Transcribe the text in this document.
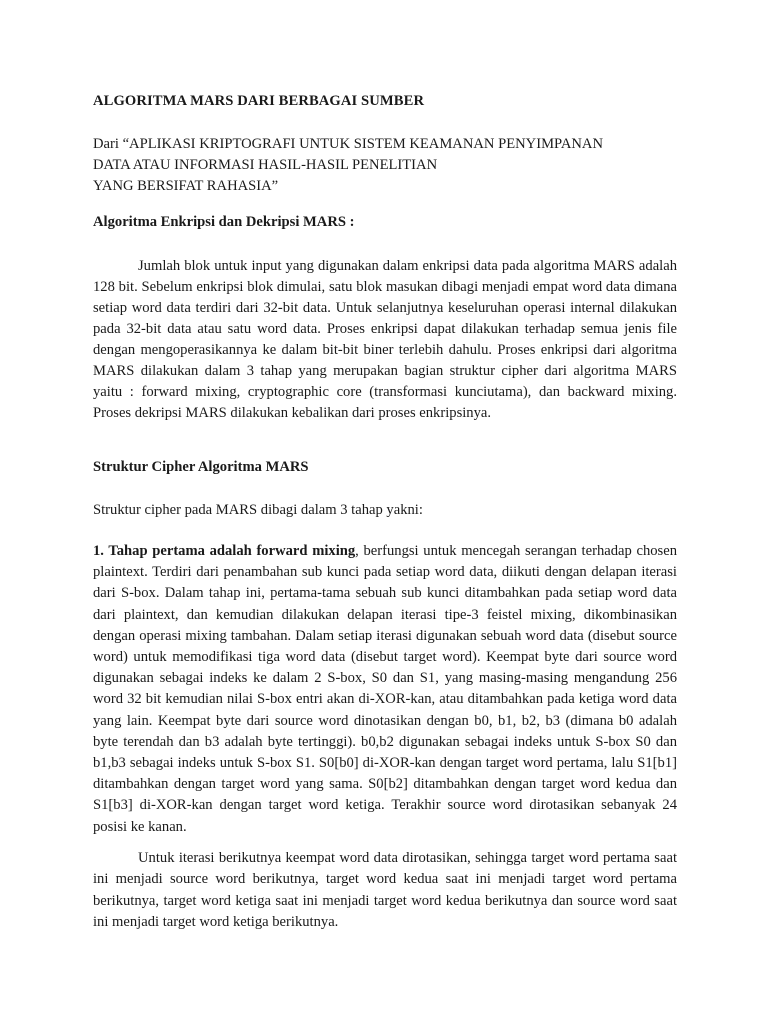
ALGORITMA MARS DARI BERBAGAI SUMBER
Dari “APLIKASI KRIPTOGRAFI UNTUK SISTEM KEAMANAN PENYIMPANAN
DATA ATAU INFORMASI HASIL-HASIL PENELITIAN
YANG BERSIFAT RAHASIA”
Algoritma Enkripsi dan Dekripsi MARS :
Jumlah blok untuk input yang digunakan dalam enkripsi data pada algoritma MARS adalah 128 bit. Sebelum enkripsi blok dimulai, satu blok masukan dibagi menjadi empat word data dimana setiap word data terdiri dari 32-bit data. Untuk selanjutnya keseluruhan operasi internal dilakukan pada 32-bit data atau satu word data. Proses enkripsi dapat dilakukan terhadap semua jenis file dengan mengoperasikannya ke dalam bit-bit biner terlebih dahulu. Proses enkripsi dari algoritma MARS dilakukan dalam 3 tahap yang merupakan bagian struktur cipher dari algoritma MARS yaitu : forward mixing, cryptographic core (transformasi kunciutama), dan backward mixing. Proses dekripsi MARS dilakukan kebalikan dari proses enkripsinya.
Struktur Cipher Algoritma MARS
Struktur cipher pada MARS dibagi dalam 3 tahap yakni:
1. Tahap pertama adalah forward mixing, berfungsi untuk mencegah serangan terhadap chosen plaintext. Terdiri dari penambahan sub kunci pada setiap word data, diikuti dengan delapan iterasi dari S-box. Dalam tahap ini, pertama-tama sebuah sub kunci ditambahkan pada setiap word data dari plaintext, dan kemudian dilakukan delapan iterasi tipe-3 feistel mixing, dikombinasikan dengan operasi mixing tambahan. Dalam setiap iterasi digunakan sebuah word data (disebut source word) untuk memodifikasi tiga word data (disebut target word). Keempat byte dari source word digunakan sebagai indeks ke dalam 2 S-box, S0 dan S1, yang masing-masing mengandung 256 word 32 bit kemudian nilai S-box entri akan di-XOR-kan, atau ditambahkan pada ketiga word data yang lain. Keempat byte dari source word dinotasikan dengan b0, b1, b2, b3 (dimana b0 adalah byte terendah dan b3 adalah byte tertinggi). b0,b2 digunakan sebagai indeks untuk S-box S0 dan b1,b3 sebagai indeks untuk S-box S1. S0[b0] di-XOR-kan dengan target word pertama, lalu S1[b1] ditambahkan dengan target word yang sama. S0[b2] ditambahkan dengan target word kedua dan S1[b3] di-XOR-kan dengan target word ketiga. Terakhir source word dirotasikan sebanyak 24 posisi ke kanan.
Untuk iterasi berikutnya keempat word data dirotasikan, sehingga target word pertama saat ini menjadi source word berikutnya, target word kedua saat ini menjadi target word pertama berikutnya, target word ketiga saat ini menjadi target word kedua berikutnya dan source word saat ini menjadi target word ketiga berikutnya.
